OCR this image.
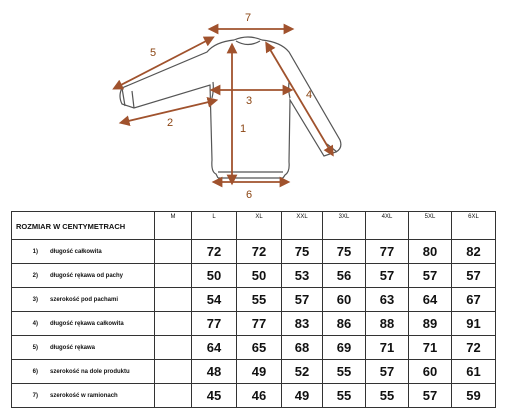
1
2
3	4
5
6
7
ROZMIAR W CENTYMETRACH	M	L	XL	XXL	3XL	4XL	5XL	6XL
1) długość całkowita		72	72	75	75	77	80	82
2) długość rękawa od pachy		50	50	53	56	57	57	57
3) szerokość pod pachami		54	55	57	60	63	64	67
4) długość rękawa całkowita		77	77	83	86	88	89	91
5) długość rękawa		64	65	68	69	71	71	72
6) szerokość na dole produktu		48	49	52	55	57	60	61
7) szerokość w ramionach		45	46	49	55	55	57	59
